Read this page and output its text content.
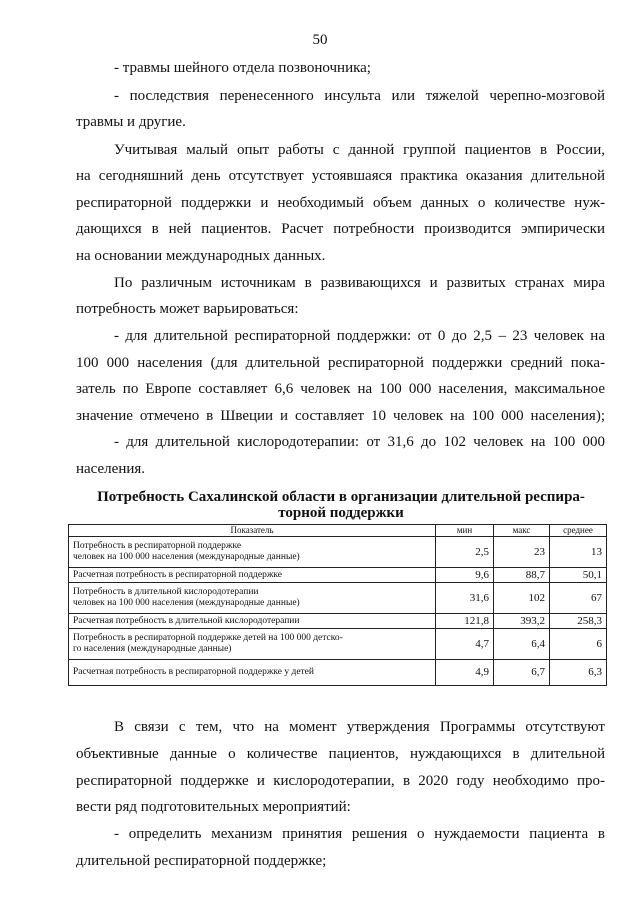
50
- травмы шейного отдела позвоночника;
- последствия перенесенного инсульта или тяжелой черепно-мозговой
травмы и другие.
Учитывая малый опыт работы с данной группой пациентов в России,
на сегодняшний день отсутствует устоявшаяся практика оказания длительной
респираторной поддержки и необходимый объем данных о количестве нуж-
дающихся в ней пациентов. Расчет потребности производится эмпирически
на основании международных данных.
По различным источникам в развивающихся и развитых странах мира
потребность может варьироваться:
- для длительной респираторной поддержки: от 0 до 2,5 – 23 человек на
100 000 населения (для длительной респираторной поддержки средний пока-
затель по Европе составляет 6,6 человек на 100 000 населения, максимальное
значение отмечено в Швеции и составляет 10 человек на 100 000 населения);
- для длительной кислородотерапии: от 31,6 до 102 человек на 100 000
населения.
Потребность Сахалинской области в организации длительной респира-
торной поддержки
Показатель	мин	макс	среднее

Потребность в респираторной поддержке
человек на 100 000 населения (международные данные)	2,5	23	13
Расчетная потребность в респираторной поддержке	9,6	88,7	50,1

Потребность в длительной кислородотерапии
человек на 100 000 населения (международные данные)	31,6	102	67
Расчетная потребность в длительной кислородотерапии	121,8	393,2	258,3

Потребность в респираторной поддержке детей на 100 000 детско-
го населения (международные данные)	4,7	6,4	6
Расчетная потребность в респираторной поддержке у детей	4,9	6,7	6,3
В связи с тем, что на момент утверждения Программы отсутствуют
объективные данные о количестве пациентов, нуждающихся в длительной
респираторной поддержке и кислородотерапии, в 2020 году необходимо про-
вести ряд подготовительных мероприятий:
- определить механизм принятия решения о нуждаемости пациента в
длительной респираторной поддержке;
